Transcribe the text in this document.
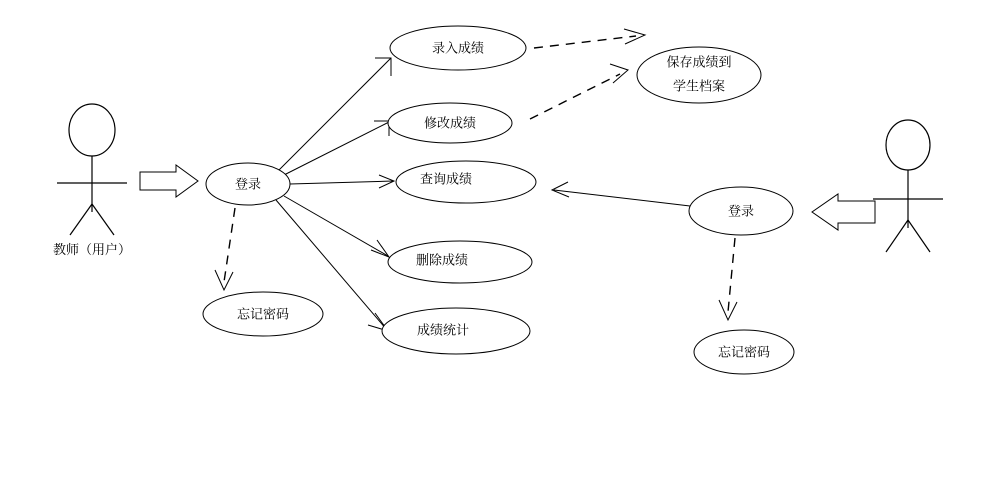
教师（用户）
登录
录入成绩
修改成绩
查询成绩
删除成绩
成绩统计
忘记密码
保存成绩到
学生档案
登录
忘记密码
